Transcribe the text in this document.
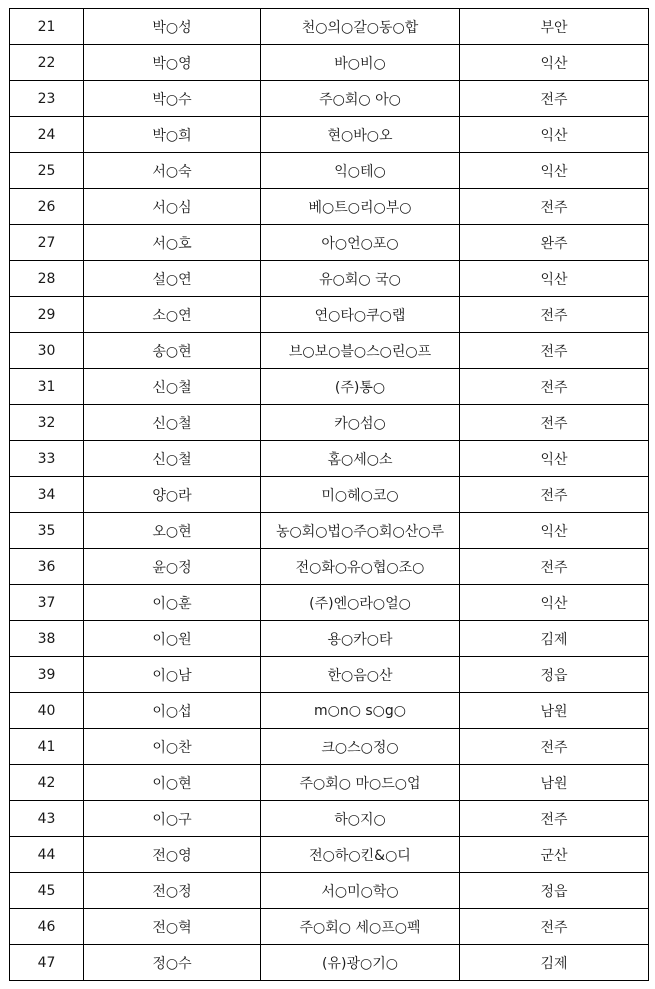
21	박○성	천○의○갈○동○합	부안
22	박○영	바○비○	익산
23	박○수	주○회○ 아○	전주
24	박○희	현○바○오	익산
25	서○숙	익○테○	익산
26	서○심	베○트○리○부○	전주
27	서○호	아○언○포○	완주
28	설○연	유○회○ 국○	익산
29	소○연	연○타○쿠○랩	전주
30	송○현	브○보○블○스○린○프	전주
31	신○철	(주)통○	전주
32	신○철	카○섬○	전주
33	신○철	홈○세○소	익산
34	양○라	미○헤○코○	전주
35	오○현	농○회○법○주○회○산○루	익산
36	윤○정	전○화○유○협○조○	전주
37	이○훈	(주)엔○라○얼○	익산
38	이○원	용○카○타	김제
39	이○남	한○음○산	정읍
40	이○섭	m○n○ s○g○	남원
41	이○찬	크○스○정○	전주
42	이○현	주○회○ 마○드○업	남원
43	이○구	하○지○	전주
44	전○영	전○하○킨&○디	군산
45	전○정	서○미○학○	정읍
46	전○혁	주○회○ 세○프○펙	전주
47	정○수	(유)광○기○	김제
